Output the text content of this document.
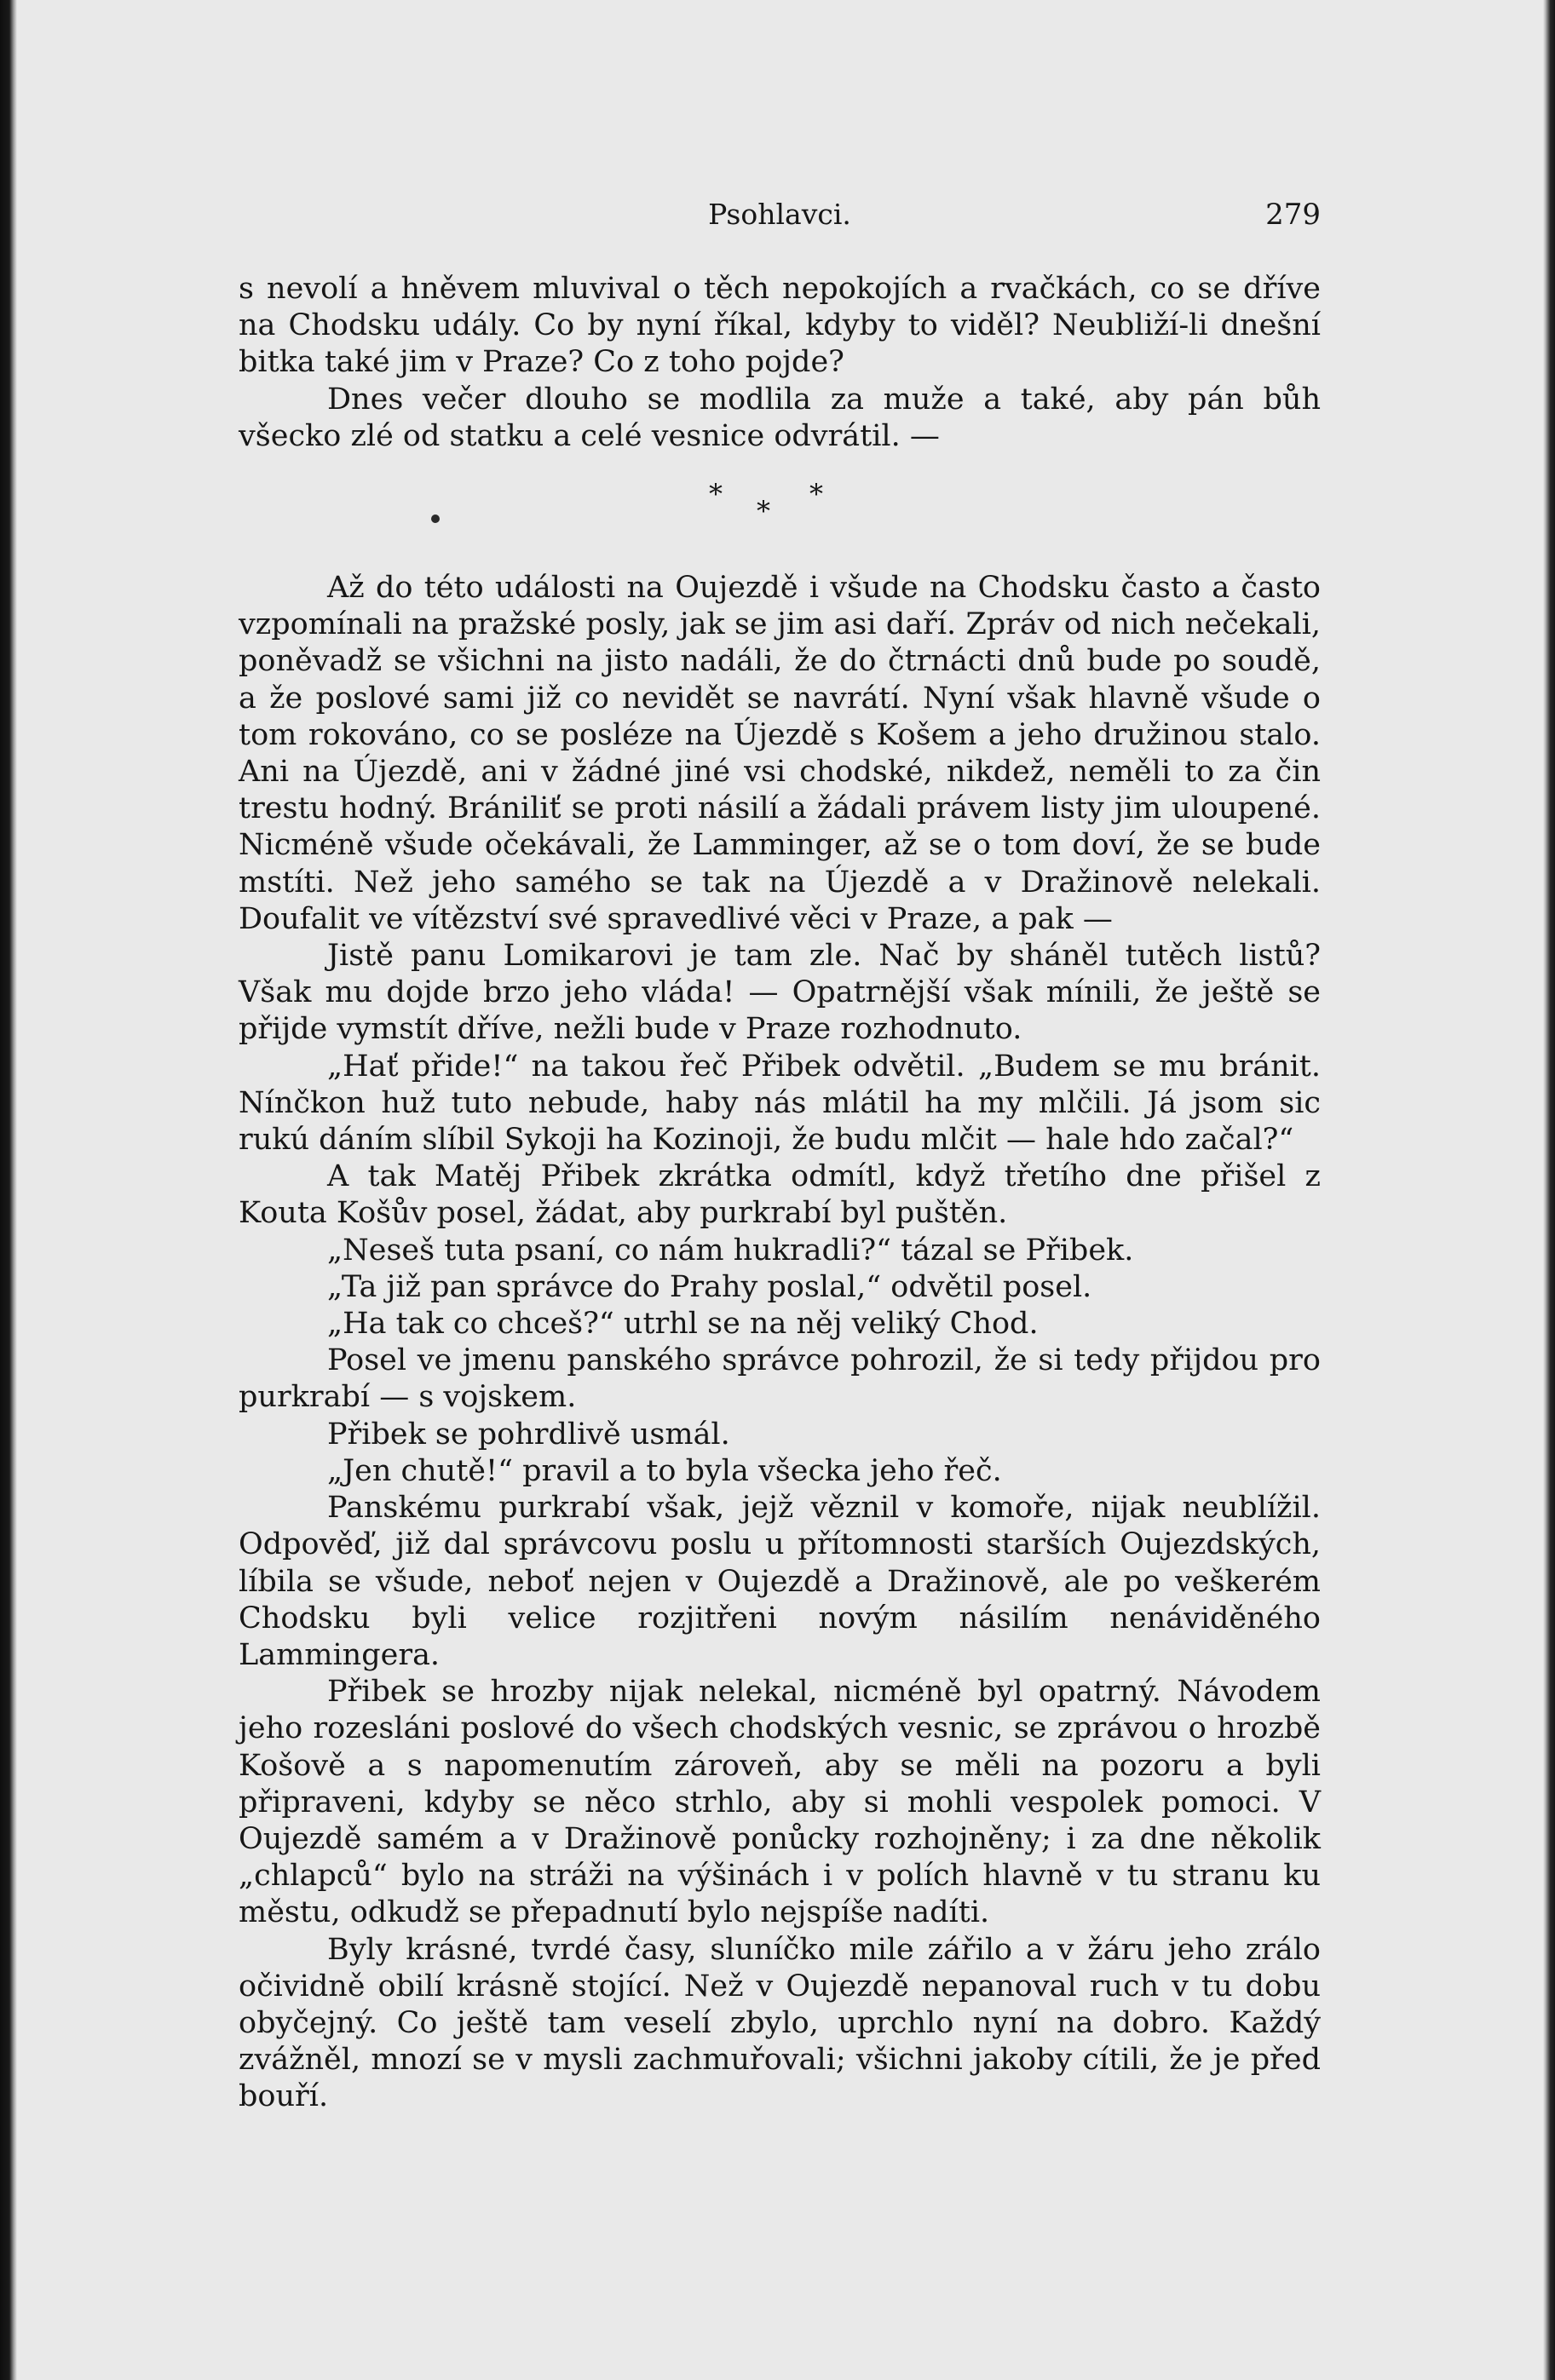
Psohlavci.	279

s nevolí a hněvem mluvival o těch nepokojích a rvačkách, co se dříve na Chodsku udály. Co by nyní říkal, kdyby to viděl? Neubliží-li dnešní bitka také jim v Praze? Co z toho pojde?

Dnes večer dlouho se modlila za muže a také, aby pán bůh všecko zlé od statku a celé vesnice odvrátil. —

*
*
*

Až do této události na Oujezdě i všude na Chodsku často a často vzpomínali na pražské posly, jak se jim asi daří. Zpráv od nich nečekali, poněvadž se všichni na jisto nadáli, že do čtrnácti dnů bude po soudě, a že poslové sami již co nevidět se navrátí. Nyní však hlavně všude o tom rokováno, co se posléze na Újezdě s Košem a jeho družinou stalo. Ani na Újezdě, ani v žádné jiné vsi chodské, nikdež, neměli to za čin trestu hodný. Brániliť se proti násilí a žádali právem listy jim uloupené. Nicméně všude očekávali, že Lamminger, až se o tom doví, že se bude mstíti. Než jeho samého se tak na Újezdě a v Dražinově nelekali. Doufalit ve vítězství své spravedlivé věci v Praze, a pak —

Jistě panu Lomikarovi je tam zle. Nač by sháněl tutěch listů? Však mu dojde brzo jeho vláda! — Opatrnější však mínili, že ještě se přijde vymstít dříve, nežli bude v Praze rozhodnuto.

„Hať přide!“ na takou řeč Přibek odvětil. „Budem se mu bránit. Nínčkon huž tuto nebude, haby nás mlátil ha my mlčili. Já jsom sic rukú dáním slíbil Sykoji ha Kozinoji, že budu mlčit — hale hdo začal?“

A tak Matěj Přibek zkrátka odmítl, když třetího dne přišel z Kouta Košův posel, žádat, aby purkrabí byl puštěn.

„Neseš tuta psaní, co nám hukradli?“ tázal se Přibek.

„Ta již pan správce do Prahy poslal,“ odvětil posel.

„Ha tak co chceš?“ utrhl se na něj veliký Chod.

Posel ve jmenu panského správce pohrozil, že si tedy přijdou pro purkrabí — s vojskem.

Přibek se pohrdlivě usmál.

„Jen chutě!“ pravil a to byla všecka jeho řeč.

Panskému purkrabí však, jejž věznil v komoře, nijak neublížil. Odpověď, již dal správcovu poslu u přítomnosti starších Oujezdských, líbila se všude, neboť nejen v Oujezdě a Dražinově, ale po veškerém Chodsku byli velice rozjitřeni novým násilím nenáviděného Lammingera.

Přibek se hrozby nijak nelekal, nicméně byl opatrný. Návodem jeho rozesláni poslové do všech chodských vesnic, se zprávou o hrozbě Košově a s napomenutím zároveň, aby se měli na pozoru a byli připraveni, kdyby se něco strhlo, aby si mohli vespolek pomoci. V Oujezdě samém a v Dražinově ponůcky rozhojněny; i za dne několik „chlapců“ bylo na stráži na výšinách i v polích hlavně v tu stranu ku městu, odkudž se přepadnutí bylo nejspíše nadíti.

Byly krásné, tvrdé časy, sluníčko mile zářilo a v žáru jeho zrálo očividně obilí krásně stojící. Než v Oujezdě nepanoval ruch v tu dobu obyčejný. Co ještě tam veselí zbylo, uprchlo nyní na dobro. Každý zvážněl, mnozí se v mysli zachmuřovali; všichni jakoby cítili, že je před bouří.
